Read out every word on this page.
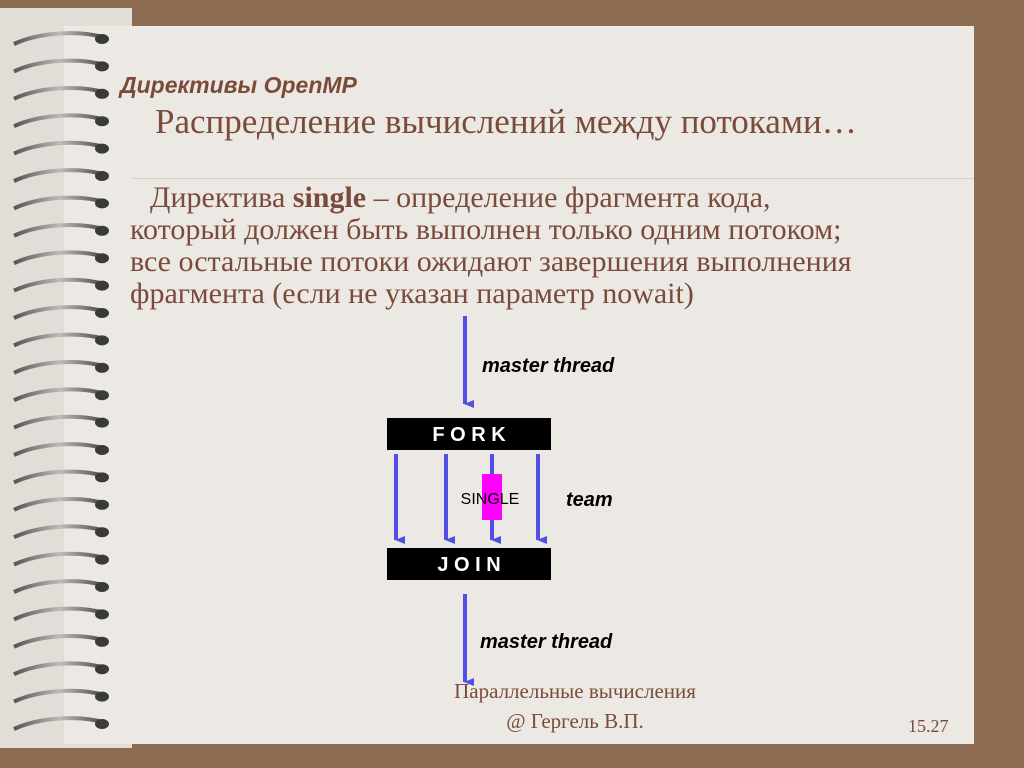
Директивы OpenMP
Распределение вычислений между потоками…
Директива single – определение фрагмента кода,
который должен быть выполнен только одним потоком;
все остальные потоки ожидают завершения выполнения
фрагмента (если не указан параметр nowait)
master thread
F O R K
SINGLE team
J O I N
master thread
Параллельные вычисления
@ Гергель В.П.	15.27
